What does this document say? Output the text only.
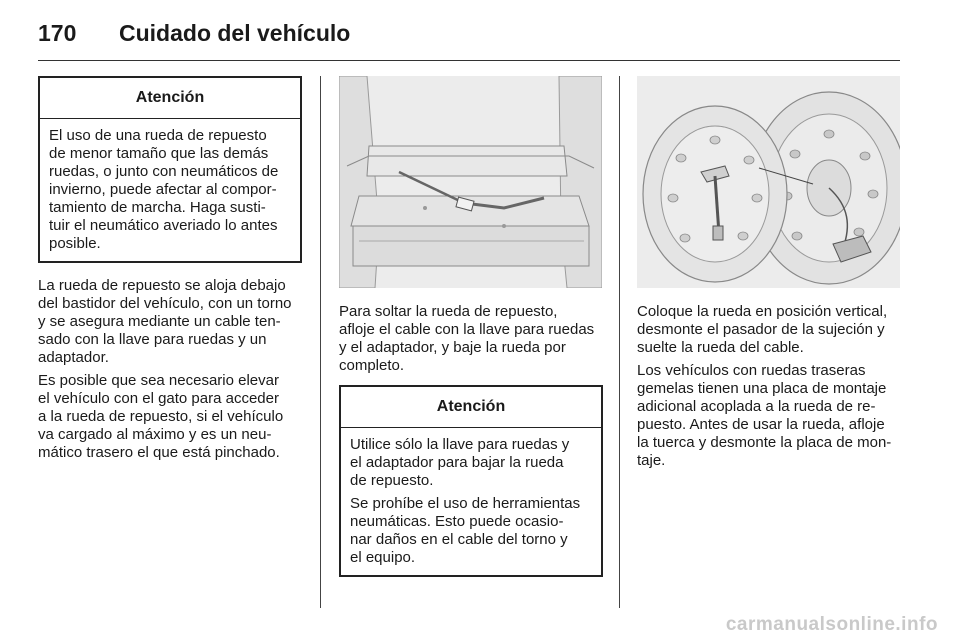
170 Cuidado del vehículo
Atención

El uso de una rueda de repuesto
de menor tamaño que las demás
ruedas, o junto con neumáticos de
invierno, puede afectar al compor-
tamiento de marcha. Haga susti-
tuir el neumático averiado lo antes
posible.

La rueda de repuesto se aloja debajo
del bastidor del vehículo, con un torno
y se asegura mediante un cable ten-
sado con la llave para ruedas y un
adaptador.

Es posible que sea necesario elevar
el vehículo con el gato para acceder
a la rueda de repuesto, si el vehículo
va cargado al máximo y es un neu-
mático trasero el que está pinchado.

Para soltar la rueda de repuesto,
afloje el cable con la llave para ruedas
y el adaptador, y baje la rueda por
completo.

Atención

Utilice sólo la llave para ruedas y
el adaptador para bajar la rueda
de repuesto.

Se prohíbe el uso de herramientas
neumáticas. Esto puede ocasio-
nar daños en el cable del torno y
el equipo.

Coloque la rueda en posición vertical,
desmonte el pasador de la sujeción y
suelte la rueda del cable.

Los vehículos con ruedas traseras
gemelas tienen una placa de montaje
adicional acoplada a la rueda de re-
puesto. Antes de usar la rueda, afloje
la tuerca y desmonte la placa de mon-
taje.

carmanualsonline.info
